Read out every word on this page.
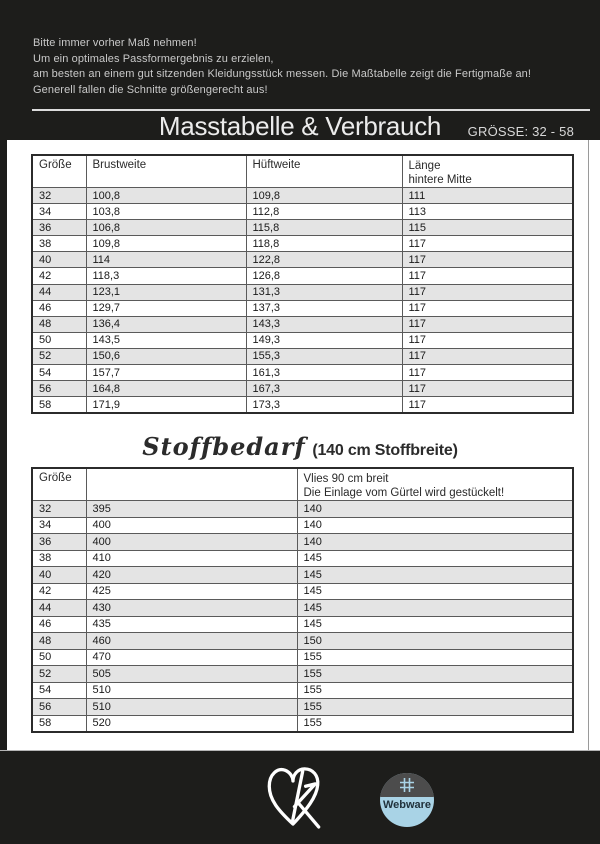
Bitte immer vorher Maß nehmen!
Um ein optimales Passformergebnis zu erzielen,
am besten an einem gut sitzenden Kleidungsstück messen. Die Maßtabelle zeigt die Fertigmaße an!
Generell fallen die Schnitte größengerecht aus!
Masstabelle & Verbrauch	GRÖSSE: 32 - 58
Größe	Brustweite	Hüftweite	Länge
hintere Mitte

32	100,8	109,8	111
34	103,8	112,8	113
36	106,8	115,8	115
38	109,8	118,8	117
40	114	122,8	117
42	118,3	126,8	117
44	123,1	131,3	117
46	129,7	137,3	117
48	136,4	143,3	117
50	143,5	149,3	117
52	150,6	155,3	117
54	157,7	161,3	117
56	164,8	167,3	117
58	171,9	173,3	117
Stoffbedarf (140 cm Stoffbreite)
Größe		Vlies 90 cm breit
Die Einlage vom Gürtel wird gestückelt!

32	395	140
34	400	140
36	400	140
38	410	145
40	420	145
42	425	145
44	430	145
46	435	145
48	460	150
50	470	155
52	505	155
54	510	155
56	510	155
58	520	155
Webware
